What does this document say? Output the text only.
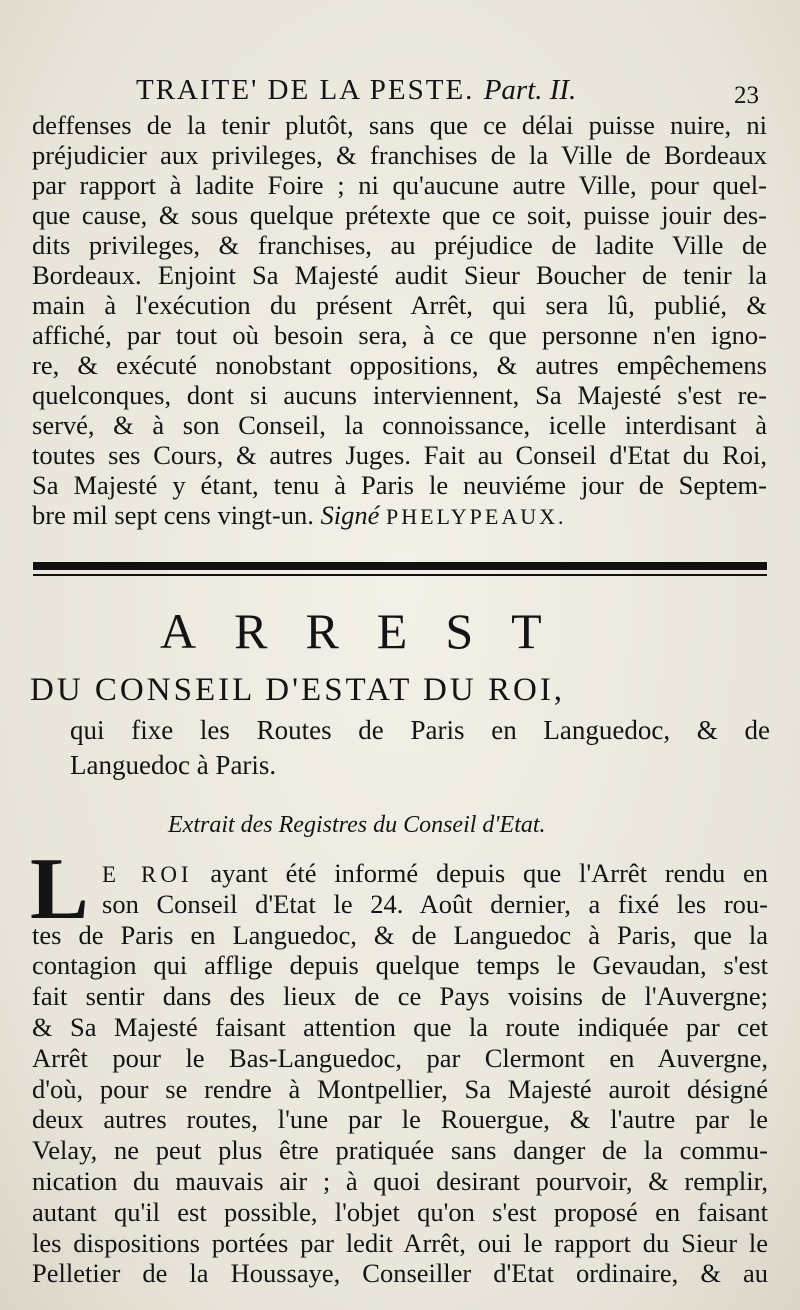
TRAITE' DE LA PESTE. Part. II.	23
deffenses de la tenir plutôt, sans que ce délai puisse nuire, ni
préjudicier aux privileges, & franchises de la Ville de Bordeaux
par rapport à ladite Foire ; ni qu'aucune autre Ville, pour quel-
que cause, & sous quelque prétexte que ce soit, puisse jouir des-
dits privileges, & franchises, au préjudice de ladite Ville de
Bordeaux. Enjoint Sa Majesté audit Sieur Boucher de tenir la
main à l'exécution du présent Arrêt, qui sera lû, publié, &
affiché, par tout où besoin sera, à ce que personne n'en igno-
re, & exécuté nonobstant oppositions, & autres empêchemens
quelconques, dont si aucuns interviennent, Sa Majesté s'est re-
servé, & à son Conseil, la connoissance, icelle interdisant à
toutes ses Cours, & autres Juges. Fait au Conseil d'Etat du Roi,
Sa Majesté y étant, tenu à Paris le neuviéme jour de Septem-
bre mil sept cens vingt-un. Signé PHELYPEAUX.
ARREST
DU CONSEIL D'ESTAT DU ROI,
qui fixe les Routes de Paris en Languedoc, & de
Languedoc à Paris.
Extrait des Registres du Conseil d'Etat.
L E ROI ayant été informé depuis que l'Arrêt rendu en
son Conseil d'Etat le 24. Août dernier, a fixé les rou-
tes de Paris en Languedoc, & de Languedoc à Paris, que la
contagion qui afflige depuis quelque temps le Gevaudan, s'est
fait sentir dans des lieux de ce Pays voisins de l'Auvergne;
& Sa Majesté faisant attention que la route indiquée par cet
Arrêt pour le Bas-Languedoc, par Clermont en Auvergne,
d'où, pour se rendre à Montpellier, Sa Majesté auroit désigné
deux autres routes, l'une par le Rouergue, & l'autre par le
Velay, ne peut plus être pratiquée sans danger de la commu-
nication du mauvais air ; à quoi desirant pourvoir, & remplir,
autant qu'il est possible, l'objet qu'on s'est proposé en faisant
les dispositions portées par ledit Arrêt, oui le rapport du Sieur le
Pelletier de la Houssaye, Conseiller d'Etat ordinaire, & au
